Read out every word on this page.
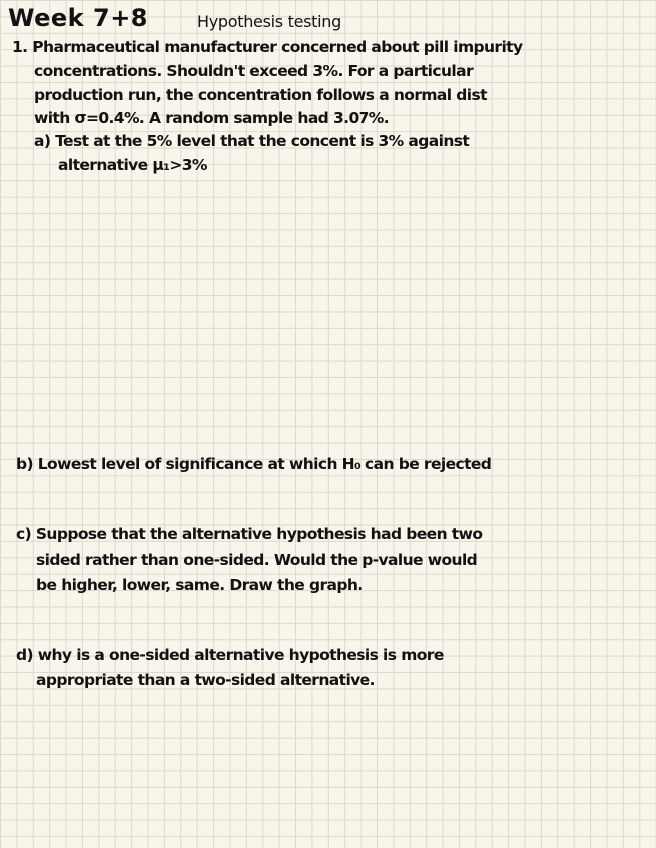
Week 7+8	Hypothesis testing
1. Pharmaceutical manufacturer concerned about pill impurity
concentrations. Shouldn't exceed 3%. For a particular
production run, the concentration follows a normal dist
with σ=0.4%. A random sample had 3.07%.
a) Test at the 5% level that the concent is 3% against
alternative μ₁>3%
b) Lowest level of significance at which H₀ can be rejected
c) Suppose that the alternative hypothesis had been two
sided rather than one-sided. Would the p-value would
be higher, lower, same. Draw the graph.
d) why is a one-sided alternative hypothesis is more
appropriate than a two-sided alternative.
